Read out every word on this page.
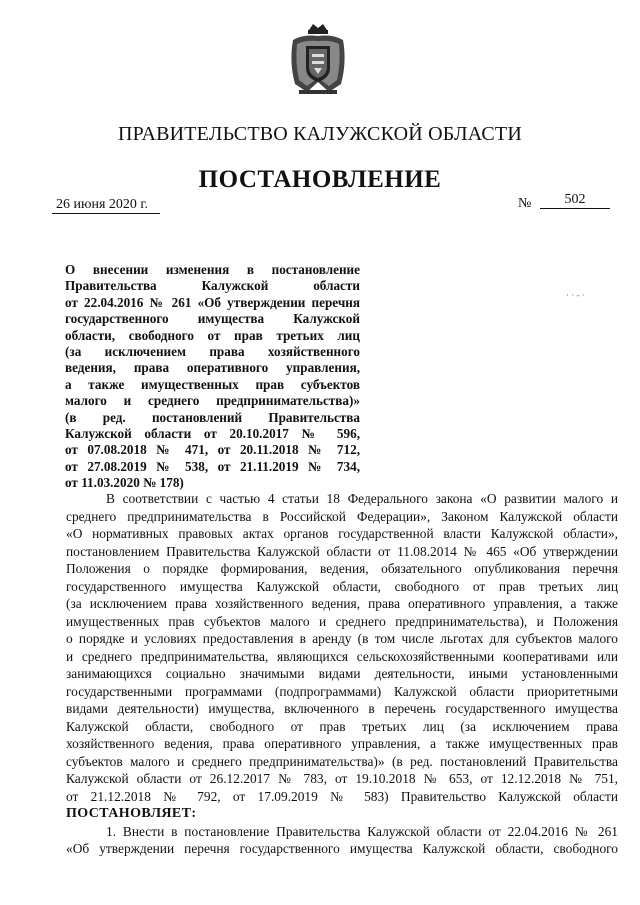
ПРАВИТЕЛЬСТВО КАЛУЖСКОЙ ОБЛАСТИ
ПОСТАНОВЛЕНИЕ
26 июня 2020 г.	№	502
· · ‐ ·
О внесении изменения в постановление
Правительства Калужской области
от 22.04.2016 № 261 «Об утверждении перечня
государственного имущества Калужской
области, свободного от прав третьих лиц
(за исключением права хозяйственного
ведения, права оперативного управления,
а также имущественных прав субъектов
малого и среднего предпринимательства)»
(в ред. постановлений Правительства
Калужской области от 20.10.2017 № 596,
от 07.08.2018 № 471, от 20.11.2018 № 712,
от 27.08.2019 № 538, от 21.11.2019 № 734,
от 11.03.2020 № 178)
В соответствии с частью 4 статьи 18 Федерального закона «О развитии малого и
среднего предпринимательства в Российской Федерации», Законом Калужской области
«О нормативных правовых актах органов государственной власти Калужской области»,
постановлением Правительства Калужской области от 11.08.2014 № 465 «Об утверждении
Положения о порядке формирования, ведения, обязательного опубликования перечня
государственного имущества Калужской области, свободного от прав третьих лиц
(за исключением права хозяйственного ведения, права оперативного управления, а также
имущественных прав субъектов малого и среднего предпринимательства), и Положения
о порядке и условиях предоставления в аренду (в том числе льготах для субъектов малого
и среднего предпринимательства, являющихся сельскохозяйственными кооперативами или
занимающихся социально значимыми видами деятельности, иными установленными
государственными программами (подпрограммами) Калужской области приоритетными
видами деятельности) имущества, включенного в перечень государственного имущества
Калужской области, свободного от прав третьих лиц (за исключением права
хозяйственного ведения, права оперативного управления, а также имущественных прав
субъектов малого и среднего предпринимательства)» (в ред. постановлений Правительства
Калужской области от 26.12.2017 № 783, от 19.10.2018 № 653, от 12.12.2018 № 751,
от 21.12.2018 № 792, от 17.09.2019 № 583) Правительство Калужской области
ПОСТАНОВЛЯЕТ:
1. Внести в постановление Правительства Калужской области от 22.04.2016 № 261
«Об утверждении перечня государственного имущества Калужской области, свободного
